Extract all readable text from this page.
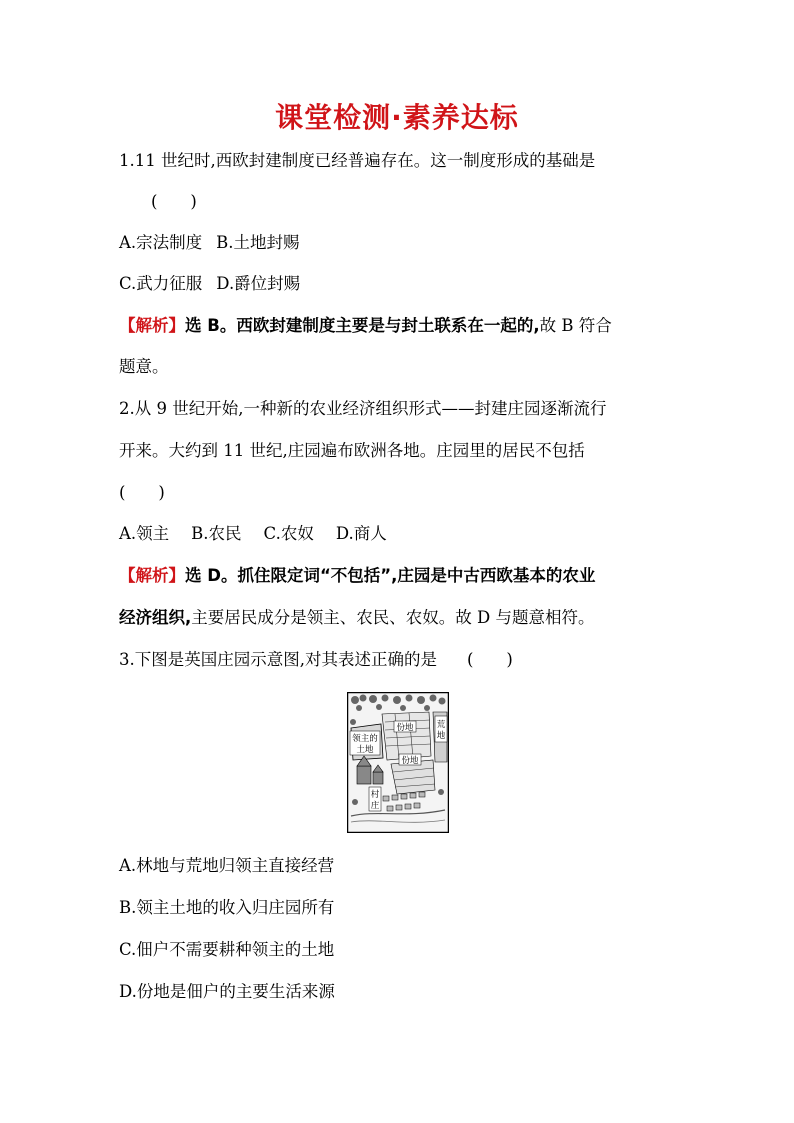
课堂检测·素养达标
1.11 世纪时,西欧封建制度已经普遍存在。这一制度形成的基础是
(　　)
A.宗法制度 B.土地封赐
C.武力征服 D.爵位封赐
【解析】选 B。西欧封建制度主要是与封土联系在一起的,故 B 符合
题意。
2.从 9 世纪开始,一种新的农业经济组织形式——封建庄园逐渐流行
开来。大约到 11 世纪,庄园遍布欧洲各地。庄园里的居民不包括
(　　)
A.领主 B.农民 C.农奴 D.商人
【解析】选 D。抓住限定词“不包括”,庄园是中古西欧基本的农业
经济组织,主要居民成分是领主、农民、农奴。故 D 与题意相符。
3.下图是英国庄园示意图,对其表述正确的是 (　　)
份地
领主的
土地
荒
地
份地
村
庄
A.林地与荒地归领主直接经营
B.领主土地的收入归庄园所有
C.佃户不需要耕种领主的土地
D.份地是佃户的主要生活来源
